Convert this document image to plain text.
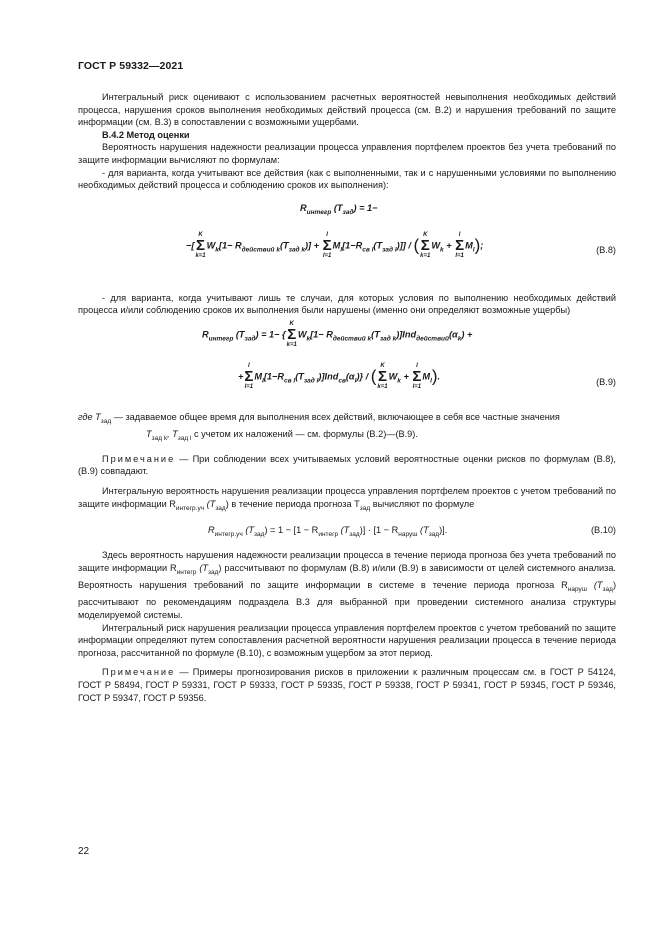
ГОСТ Р 59332—2021

Интегральный риск оценивают с использованием расчетных вероятностей невыполнения необходимых действий процесса, нарушения сроков выполнения необходимых действий процесса (см. В.2) и нарушения требований по защите информации (см. В.3) в сопоставлении с возможными ущербами.

В.4.2 Метод оценки

Вероятность нарушения надежности реализации процесса управления портфелем проектов без учета требований по защите информации вычисляют по формулам:

- для варианта, когда учитывают все действия (как с выполненными, так и с нарушенными условиями по выполнению необходимых действий процесса и соблюдению сроков их выполнения):

$R_{интегр}$ $(T_{зад}) = 1-$
−[
K
Σ
k=1
$W_k[1- R_{действий k}(T_{зад k})]$ +
l
Σ
l=1
$M_l[1-R_{св l}(T_{зад l})]$] / (
K
Σ
k=1
$W_k$ +
l
Σ
l=1
$M_l$);	(В.8)

- для варианта, когда учитывают лишь те случаи, для которых условия по выполнению необходимых действий процесса и/или соблюдению сроков их выполнения были нарушены (именно они определяют возможные ущербы)

$R_{интегр}$ $(T_{зад}) = 1-$ {
K
Σ
k=1
$W_k[1- R_{действий k}(T_{зад k})]Ind_{действий}(\alpha_k)$ +
+
l
Σ
l=1
$M_l[1-R_{св l}(T_{зад l})]Ind_{св}(\alpha_l)$} / (
K
Σ
k=1
$W_k$ +
l
Σ
l=1
$M_l$).
(В.9)

где $T_{зад}$ — задаваемое общее время для выполнения всех действий, включающее в себя все частные значения

$T_{зад k}$, $T_{зад l}$ с учетом их наложений — см. формулы (В.2)—(В.9).

Примечание — При соблюдении всех учитываемых условий вероятностные оценки рисков по формулам (В.8), (В.9) совпадают.

Интегральную вероятность нарушения реализации процесса управления портфелем проектов с учетом требований по защите информации $R_{интегр.уч}$ $(T_{зад})$ в течение периода прогноза $T_{зад}$ вычисляют по формуле

$R_{интегр.уч}$ $(T_{зад}) = 1 - [1 - R_{интегр}$ $(T_{зад})] \cdot [1 - R_{наруш}$ $(T_{зад})$].	(В.10)

Здесь вероятность нарушения надежности реализации процесса в течение периода прогноза без учета требований по защите информации $R_{интегр}$ $(T_{зад})$ рассчитывают по формулам (В.8) и/или (В.9) в зависимости от целей системного анализа. Вероятность нарушения требований по защите информации в системе в течение периода прогноза $R_{наруш}$ $(T_{зад})$ рассчитывают по рекомендациям подраздела В.3 для выбранной при проведении системного анализа структуры моделируемой системы.

Интегральный риск нарушения реализации процесса управления портфелем проектов с учетом требований по защите информации определяют путем сопоставления расчетной вероятности нарушения реализации процесса в течение периода прогноза, рассчитанной по формуле (В.10), с возможным ущербом за этот период.

Примечание — Примеры прогнозирования рисков в приложении к различным процессам см. в ГОСТ Р 54124, ГОСТ Р 58494, ГОСТ Р 59331, ГОСТ Р 59333, ГОСТ Р 59335, ГОСТ Р 59338, ГОСТ Р 59341, ГОСТ Р 59345, ГОСТ Р 59346, ГОСТ Р 59347, ГОСТ Р 59356.

22
